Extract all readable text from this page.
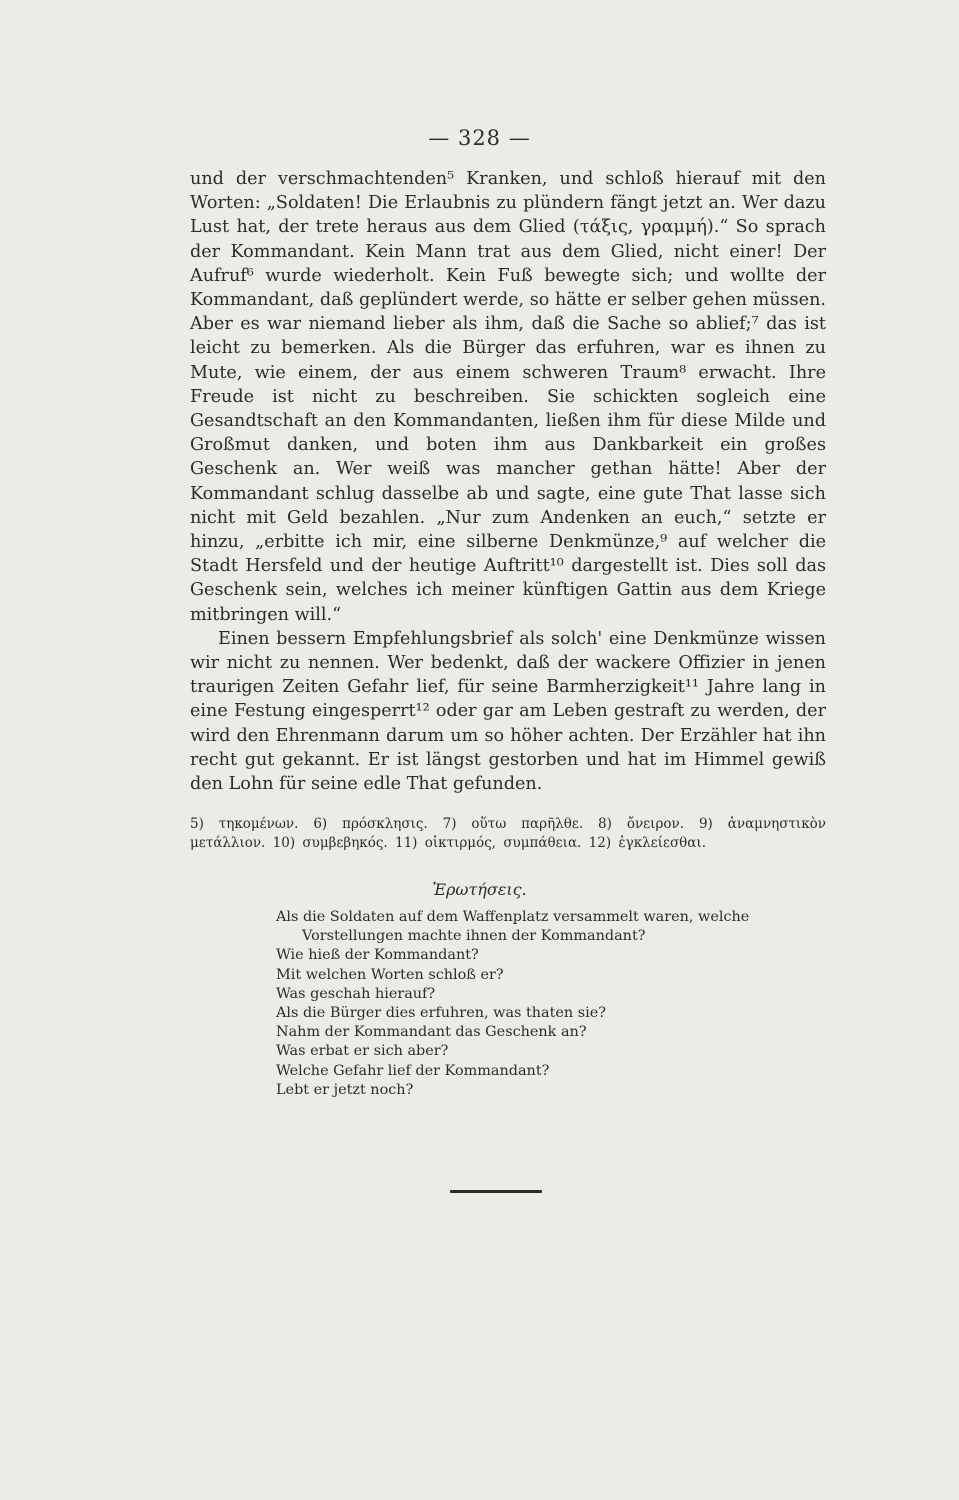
— 328 —

und der verschmachtenden⁵ Kranken, und schloß hierauf mit den Worten: „Soldaten! Die Erlaubnis zu plündern fängt jetzt an. Wer dazu Lust hat, der trete heraus aus dem Glied (τάξις, γραμμή).“ So sprach der Kommandant. Kein Mann trat aus dem Glied, nicht einer! Der Aufruf⁶ wurde wiederholt. Kein Fuß bewegte sich; und wollte der Kommandant, daß geplündert werde, so hätte er selber gehen müssen. Aber es war niemand lieber als ihm, daß die Sache so ablief;⁷ das ist leicht zu bemerken. Als die Bürger das erfuhren, war es ihnen zu Mute, wie einem, der aus einem schweren Traum⁸ erwacht. Ihre Freude ist nicht zu beschreiben. Sie schickten sogleich eine Gesandtschaft an den Kommandanten, ließen ihm für diese Milde und Großmut danken, und boten ihm aus Dankbarkeit ein großes Geschenk an. Wer weiß was mancher gethan hätte! Aber der Kommandant schlug dasselbe ab und sagte, eine gute That lasse sich nicht mit Geld bezahlen. „Nur zum Andenken an euch,“ setzte er hinzu, „erbitte ich mir, eine silberne Denkmünze,⁹ auf welcher die Stadt Hersfeld und der heutige Auftritt¹⁰ dargestellt ist. Dies soll das Geschenk sein, welches ich meiner künftigen Gattin aus dem Kriege mitbringen will.“

Einen bessern Empfehlungsbrief als solch' eine Denkmünze wissen wir nicht zu nennen. Wer bedenkt, daß der wackere Offizier in jenen traurigen Zeiten Gefahr lief, für seine Barmherzigkeit¹¹ Jahre lang in eine Festung eingesperrt¹² oder gar am Leben gestraft zu werden, der wird den Ehrenmann darum um so höher achten. Der Erzähler hat ihn recht gut gekannt. Er ist längst gestorben und hat im Himmel gewiß den Lohn für seine edle That gefunden.

5) τηκομένων. 6) πρόσκλησις. 7) οὕτω παρῆλθε. 8) ὄνειρον. 9) ἀναμνηστικὸν μετάλλιον. 10) συμβεβηκός. 11) οἰκτιρμός, συμπάθεια. 12) ἐγκλείεσθαι.
Ἐρωτήσεις.
Als die Soldaten auf dem Waffenplatz versammelt waren, welche Vorstellungen machte ihnen der Kommandant?
Wie hieß der Kommandant?
Mit welchen Worten schloß er?
Was geschah hierauf?
Als die Bürger dies erfuhren, was thaten sie?
Nahm der Kommandant das Geschenk an?
Was erbat er sich aber?
Welche Gefahr lief der Kommandant?
Lebt er jetzt noch?
